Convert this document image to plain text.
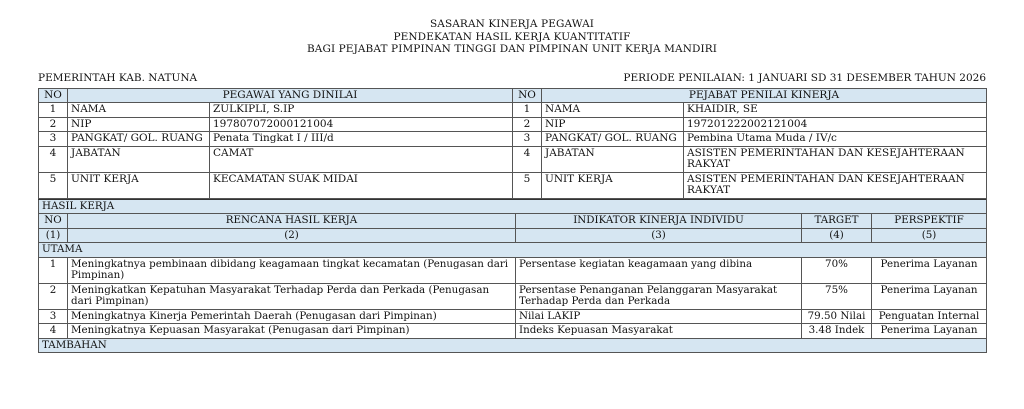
SASARAN KINERJA PEGAWAI
PENDEKATAN HASIL KERJA KUANTITATIF
BAGI PEJABAT PIMPINAN TINGGI DAN PIMPINAN UNIT KERJA MANDIRI
PEMERINTAH KAB. NATUNA	PERIODE PENILAIAN: 1 JANUARI SD 31 DESEMBER TAHUN 2026
NO	PEGAWAI YANG DINILAI		NO	PEJABAT PENILAI KINERJA	
1	NAMA	ZULKIPLI, S.IP	1	NAMA	KHAIDIR, SE
2	NIP	197807072000121004	2	NIP	197201222002121004
3	PANGKAT/ GOL. RUANG	Penata Tingkat I / III/d	3	PANGKAT/ GOL. RUANG	Pembina Utama Muda / IV/c
4	JABATAN	CAMAT	4	JABATAN	ASISTEN PEMERINTAHAN DAN KESEJAHTERAAN RAKYAT
5	UNIT KERJA	KECAMATAN SUAK MIDAI	5	UNIT KERJA	ASISTEN PEMERINTAHAN DAN KESEJAHTERAAN RAKYAT
HASIL KERJA				
NO	RENCANA HASIL KERJA	INDIKATOR KINERJA INDIVIDU	TARGET	PERSPEKTIF
(1)	(2)	(3)	(4)	(5)
UTAMA				
1	Meningkatnya pembinaan dibidang keagamaan tingkat kecamatan (Penugasan dari Pimpinan)	Persentase kegiatan keagamaan yang dibina	70%	Penerima Layanan
2	Meningkatkan Kepatuhan Masyarakat Terhadap Perda dan Perkada (Penugasan dari Pimpinan)	Persentase Penanganan Pelanggaran Masyarakat Terhadap Perda dan Perkada	75%	Penerima Layanan
3	Meningkatnya Kinerja Pemerintah Daerah (Penugasan dari Pimpinan)	Nilai LAKIP	79.50 Nilai	Penguatan Internal
4	Meningkatnya Kepuasan Masyarakat (Penugasan dari Pimpinan)	Indeks Kepuasan Masyarakat	3.48 Indek	Penerima Layanan
TAMBAHAN				
